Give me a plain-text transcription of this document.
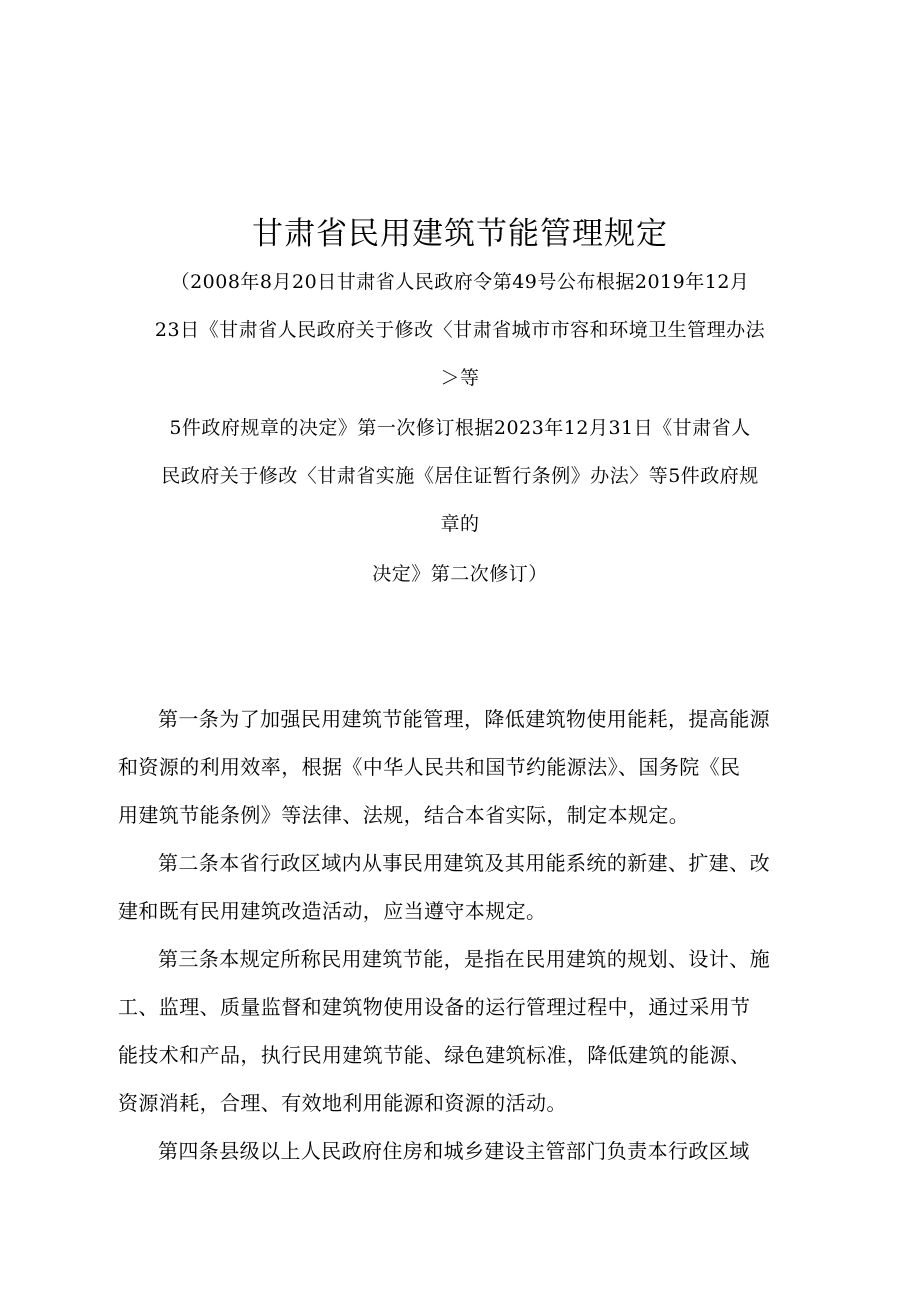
甘肃省民用建筑节能管理规定
（2008年8月20日甘肃省人民政府令第49号公布根据2019年12月
23日《甘肃省人民政府关于修改〈甘肃省城市市容和环境卫生管理办法
＞等
5件政府规章的决定》第一次修订根据2023年12月31日《甘肃省人
民政府关于修改〈甘肃省实施《居住证暂行条例》办法〉等5件政府规
章的
决定》第二次修订）
第一条为了加强民用建筑节能管理，降低建筑物使用能耗，提高能源
和资源的利用效率，根据《中华人民共和国节约能源法》、国务院《民
用建筑节能条例》等法律、法规，结合本省实际，制定本规定。
第二条本省行政区域内从事民用建筑及其用能系统的新建、扩建、改
建和既有民用建筑改造活动，应当遵守本规定。
第三条本规定所称民用建筑节能，是指在民用建筑的规划、设计、施
工、监理、质量监督和建筑物使用设备的运行管理过程中，通过采用节
能技术和产品，执行民用建筑节能、绿色建筑标准，降低建筑的能源、
资源消耗，合理、有效地利用能源和资源的活动。
第四条县级以上人民政府住房和城乡建设主管部门负责本行政区域
